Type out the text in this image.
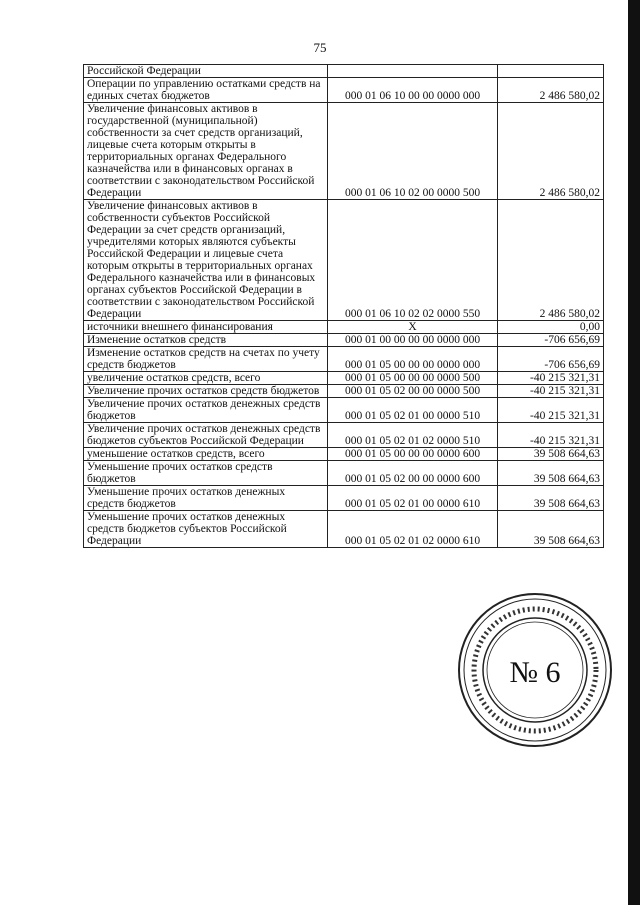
75
Российской Федерации		
Операции по управлению остатками средств на единых счетах бюджетов	000 01 06 10 00 00 0000 000	2 486 580,02
Увеличение финансовых активов в государственной (муниципальной) собственности за счет средств организаций, лицевые счета которым открыты в территориальных органах Федерального казначейства или в финансовых органах в соответствии с законодательством Российской Федерации	000 01 06 10 02 00 0000 500	2 486 580,02
Увеличение финансовых активов в собственности субъектов Российской Федерации за счет средств организаций, учредителями которых являются субъекты Российской Федерации и лицевые счета которым открыты в территориальных органах Федерального казначейства или в финансовых органах субъектов Российской Федерации в соответствии с законодательством Российской Федерации	000 01 06 10 02 02 0000 550	2 486 580,02
источники внешнего финансирования	X	0,00
Изменение остатков средств	000 01 00 00 00 00 0000 000	-706 656,69
Изменение остатков средств на счетах по учету средств бюджетов	000 01 05 00 00 00 0000 000	-706 656,69
увеличение остатков средств, всего	000 01 05 00 00 00 0000 500	-40 215 321,31
Увеличение прочих остатков средств бюджетов	000 01 05 02 00 00 0000 500	-40 215 321,31
Увеличение прочих остатков денежных средств бюджетов	000 01 05 02 01 00 0000 510	-40 215 321,31
Увеличение прочих остатков денежных средств бюджетов субъектов Российской Федерации	000 01 05 02 01 02 0000 510	-40 215 321,31
уменьшение остатков средств, всего	000 01 05 00 00 00 0000 600	39 508 664,63
Уменьшение прочих остатков средств бюджетов	000 01 05 02 00 00 0000 600	39 508 664,63
Уменьшение прочих остатков денежных средств бюджетов	000 01 05 02 01 00 0000 610	39 508 664,63
Уменьшение прочих остатков денежных средств бюджетов субъектов Российской Федерации	000 01 05 02 01 02 0000 610	39 508 664,63
№ 6
